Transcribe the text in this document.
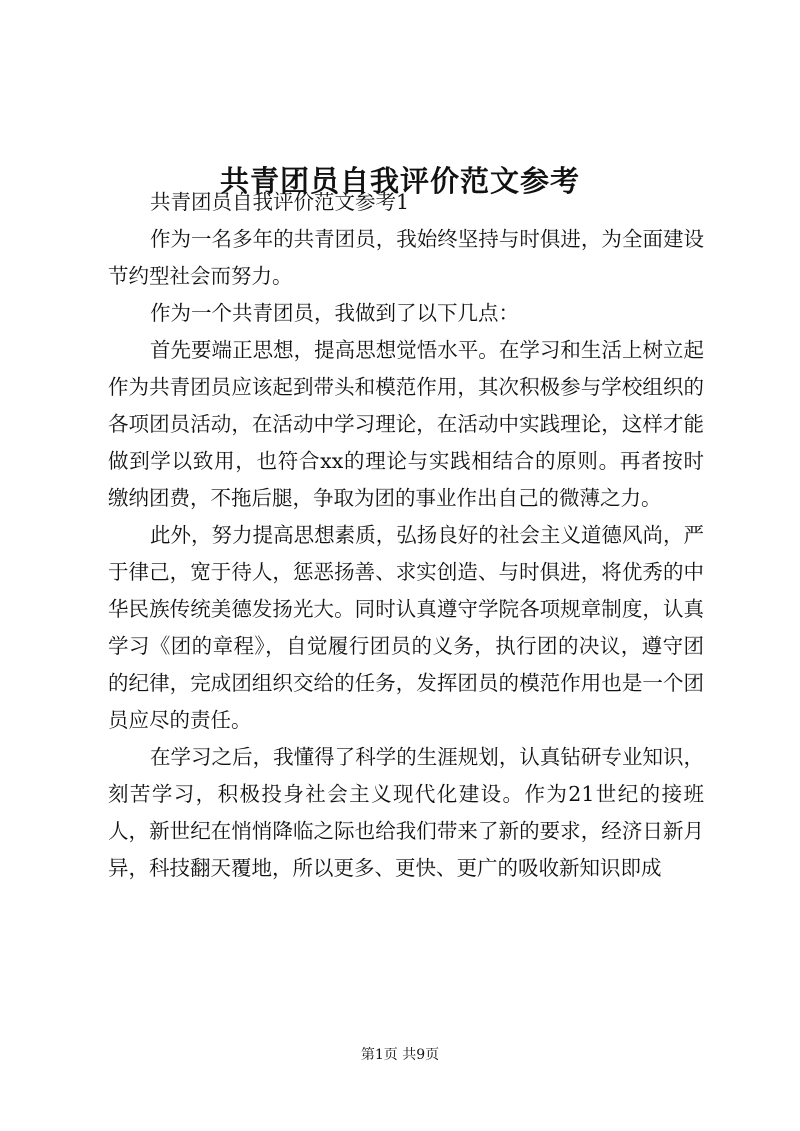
共青团员自我评价范文参考

共青团员自我评价范文参考1

作为一名多年的共青团员，我始终坚持与时俱进，为全面建设节约型社会而努力。

作为一个共青团员，我做到了以下几点：

首先要端正思想，提高思想觉悟水平。在学习和生活上树立起作为共青团员应该起到带头和模范作用，其次积极参与学校组织的各项团员活动，在活动中学习理论，在活动中实践理论，这样才能做到学以致用，也符合xx的理论与实践相结合的原则。再者按时缴纳团费，不拖后腿，争取为团的事业作出自己的微薄之力。

此外，努力提高思想素质，弘扬良好的社会主义道德风尚，严于律己，宽于待人，惩恶扬善、求实创造、与时俱进，将优秀的中华民族传统美德发扬光大。同时认真遵守学院各项规章制度，认真学习《团的章程》，自觉履行团员的义务，执行团的决议，遵守团的纪律，完成团组织交给的任务，发挥团员的模范作用也是一个团员应尽的责任。

在学习之后，我懂得了科学的生涯规划，认真钻研专业知识，刻苦学习，积极投身社会主义现代化建设。作为21世纪的接班人，新世纪在悄悄降临之际也给我们带来了新的要求，经济日新月异，科技翻天覆地，所以更多、更快、更广的吸收新知识即成

第1页 共9页
